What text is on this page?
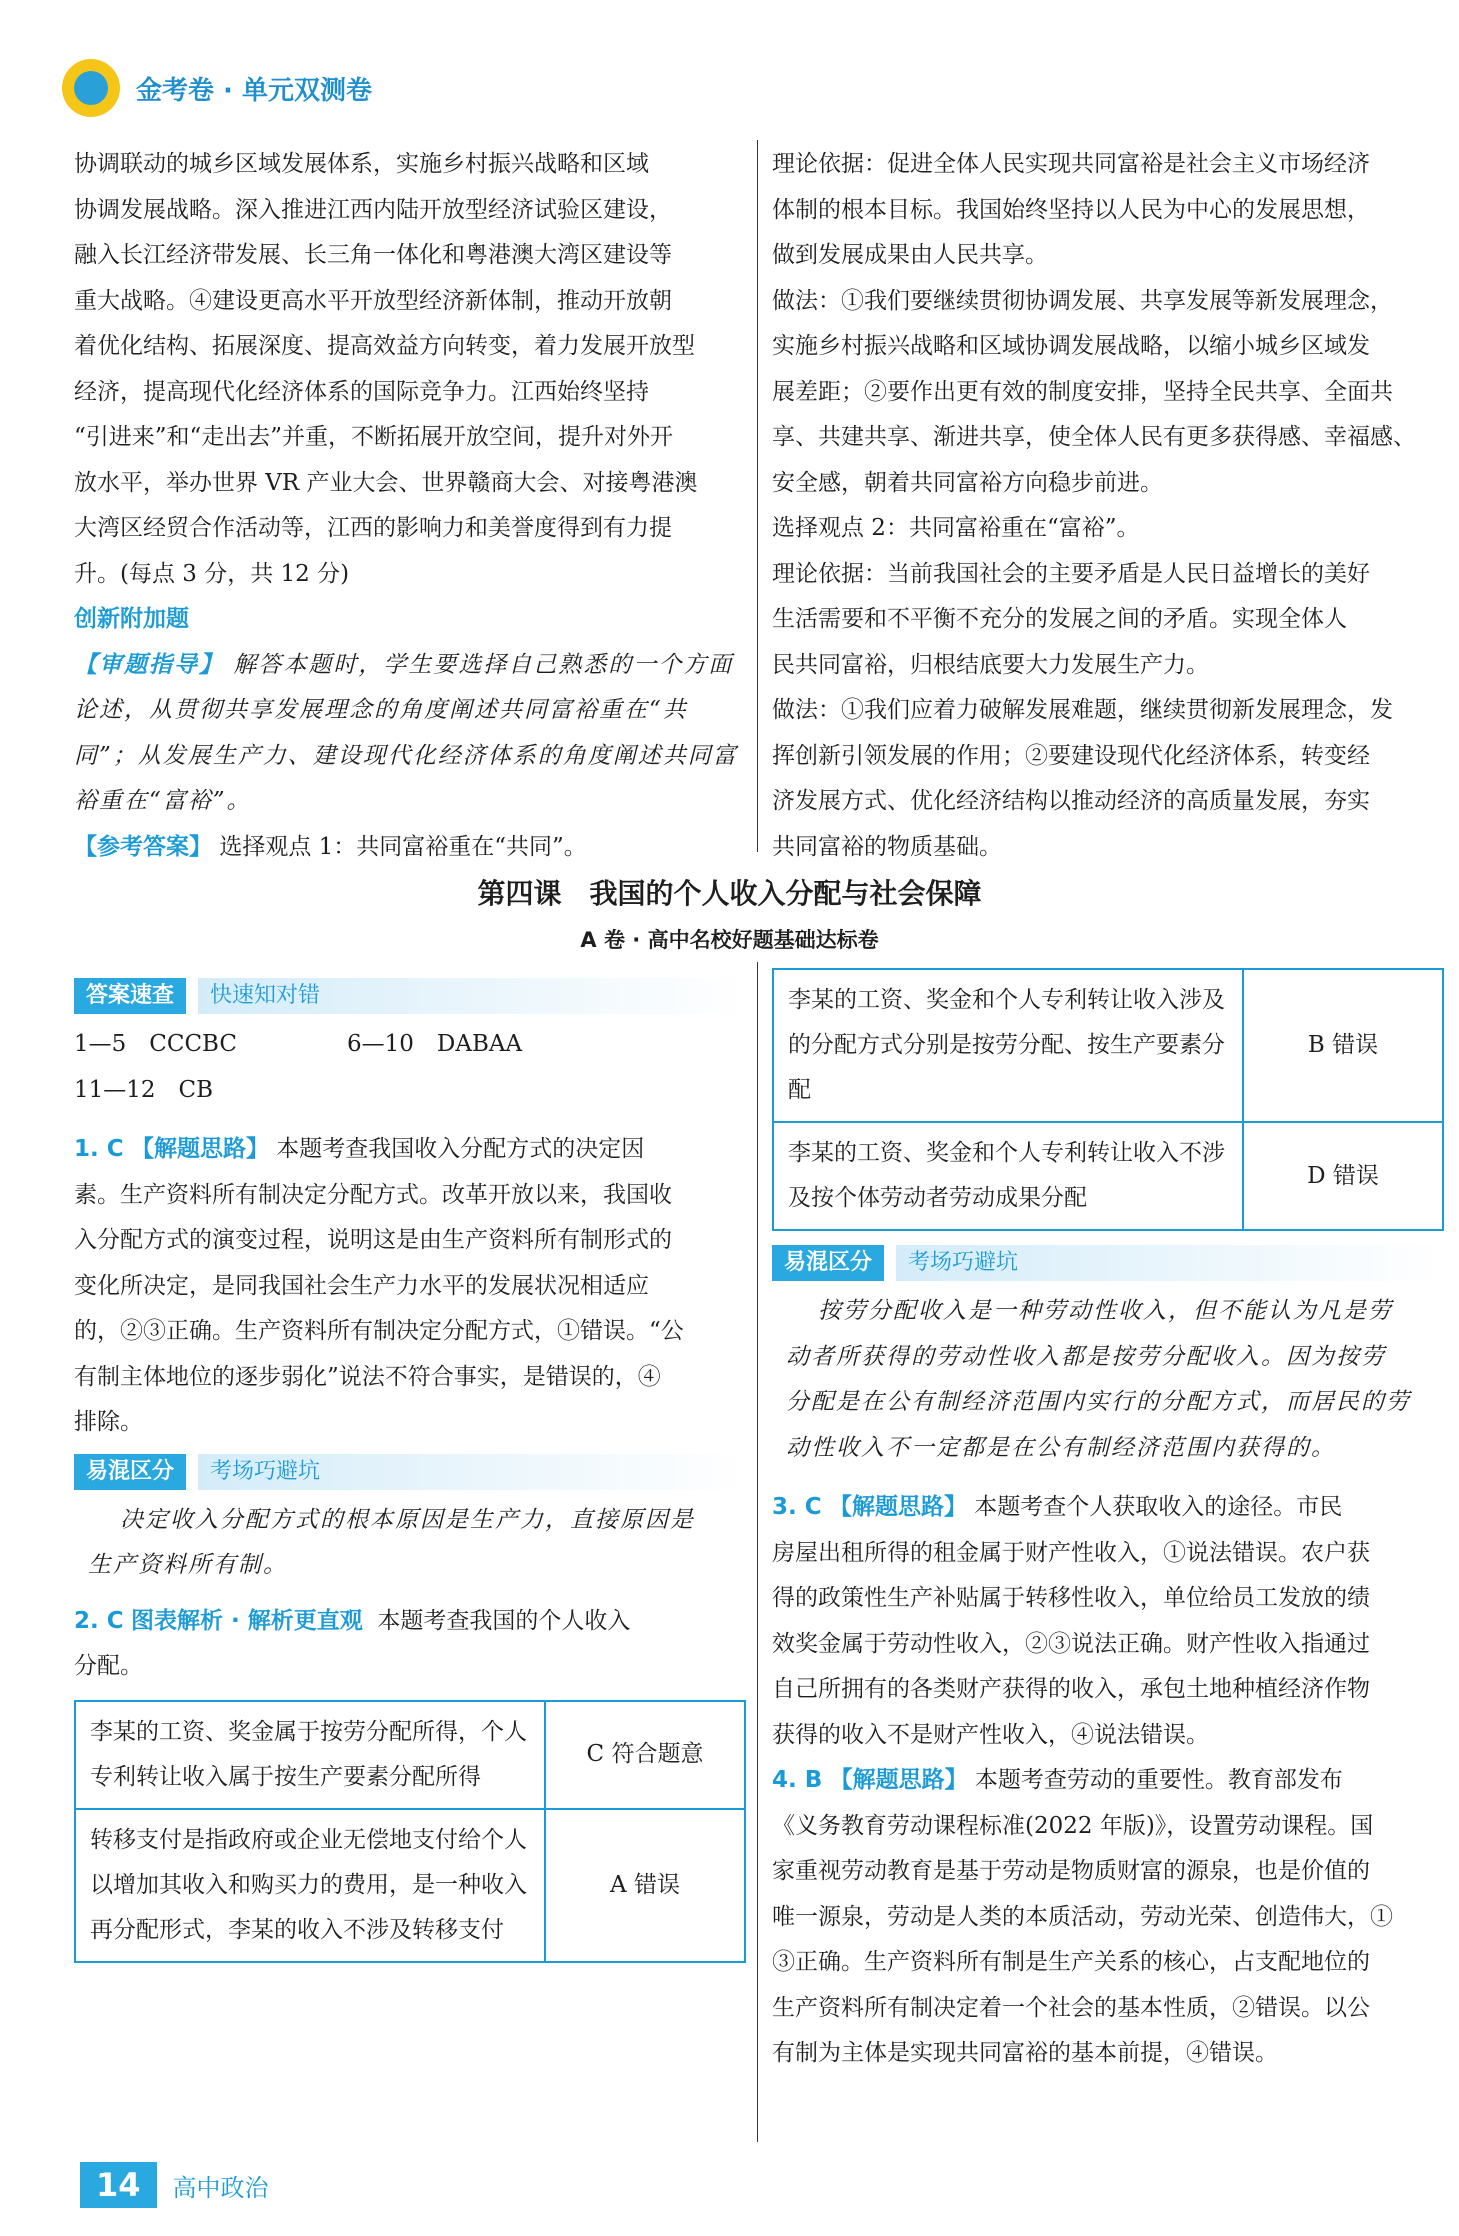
金考卷 · 单元双测卷

协调联动的城乡区域发展体系，实施乡村振兴战略和区域

协调发展战略。深入推进江西内陆开放型经济试验区建设，

融入长江经济带发展、长三角一体化和粤港澳大湾区建设等

重大战略。④建设更高水平开放型经济新体制，推动开放朝

着优化结构、拓展深度、提高效益方向转变，着力发展开放型

经济，提高现代化经济体系的国际竞争力。江西始终坚持

“引进来”和“走出去”并重，不断拓展开放空间，提升对外开

放水平，举办世界 VR 产业大会、世界赣商大会、对接粤港澳

大湾区经贸合作活动等，江西的影响力和美誉度得到有力提

升。(每点 3 分，共 12 分)

创新附加题

【审题指导】 解答本题时，学生要选择自己熟悉的一个方面

论述，从贯彻共享发展理念的角度阐述共同富裕重在“共

同”；从发展生产力、建设现代化经济体系的角度阐述共同富

裕重在“富裕”。

【参考答案】 选择观点 1：共同富裕重在“共同”。

理论依据：促进全体人民实现共同富裕是社会主义市场经济

体制的根本目标。我国始终坚持以人民为中心的发展思想，

做到发展成果由人民共享。

做法：①我们要继续贯彻协调发展、共享发展等新发展理念，

实施乡村振兴战略和区域协调发展战略，以缩小城乡区域发

展差距；②要作出更有效的制度安排，坚持全民共享、全面共

享、共建共享、渐进共享，使全体人民有更多获得感、幸福感、

安全感，朝着共同富裕方向稳步前进。

选择观点 2：共同富裕重在“富裕”。

理论依据：当前我国社会的主要矛盾是人民日益增长的美好

生活需要和不平衡不充分的发展之间的矛盾。实现全体人

民共同富裕，归根结底要大力发展生产力。

做法：①我们应着力破解发展难题，继续贯彻新发展理念，发

挥创新引领发展的作用；②要建设现代化经济体系，转变经

济发展方式、优化经济结构以推动经济的高质量发展，夯实

共同富裕的物质基础。

第四课　我国的个人收入分配与社会保障
A 卷 · 高中名校好题基础达标卷
答案速查	快速知对错

1—5　CCCBC	6—10　DABAA

11—12　CB

1. C 【解题思路】 本题考查我国收入分配方式的决定因

素。生产资料所有制决定分配方式。改革开放以来，我国收

入分配方式的演变过程，说明这是由生产资料所有制形式的

变化所决定，是同我国社会生产力水平的发展状况相适应

的，②③正确。生产资料所有制决定分配方式，①错误。“公

有制主体地位的逐步弱化”说法不符合事实，是错误的，④

排除。

易混区分	考场巧避坑

决定收入分配方式的根本原因是生产力，直接原因是

生产资料所有制。

2. C 图表解析 · 解析更直观 本题考查我国的个人收入

分配。

李某的工资、奖金属于按劳分配所得，个人专利转让收入属于按生产要素分配所得	C 符合题意
转移支付是指政府或企业无偿地支付给个人以增加其收入和购买力的费用，是一种收入再分配形式，李某的收入不涉及转移支付	A 错误
李某的工资、奖金和个人专利转让收入涉及的分配方式分别是按劳分配、按生产要素分配	B 错误
李某的工资、奖金和个人专利转让收入不涉及按个体劳动者劳动成果分配	D 错误
易混区分	考场巧避坑

按劳分配收入是一种劳动性收入，但不能认为凡是劳

动者所获得的劳动性收入都是按劳分配收入。因为按劳

分配是在公有制经济范围内实行的分配方式，而居民的劳

动性收入不一定都是在公有制经济范围内获得的。

3. C 【解题思路】 本题考查个人获取收入的途径。市民

房屋出租所得的租金属于财产性收入，①说法错误。农户获

得的政策性生产补贴属于转移性收入，单位给员工发放的绩

效奖金属于劳动性收入，②③说法正确。财产性收入指通过

自己所拥有的各类财产获得的收入，承包土地种植经济作物

获得的收入不是财产性收入，④说法错误。

4. B 【解题思路】 本题考查劳动的重要性。教育部发布

《义务教育劳动课程标准(2022 年版)》，设置劳动课程。国

家重视劳动教育是基于劳动是物质财富的源泉，也是价值的

唯一源泉，劳动是人类的本质活动，劳动光荣、创造伟大，①

③正确。生产资料所有制是生产关系的核心，占支配地位的

生产资料所有制决定着一个社会的基本性质，②错误。以公

有制为主体是实现共同富裕的基本前提，④错误。

14	高中政治
